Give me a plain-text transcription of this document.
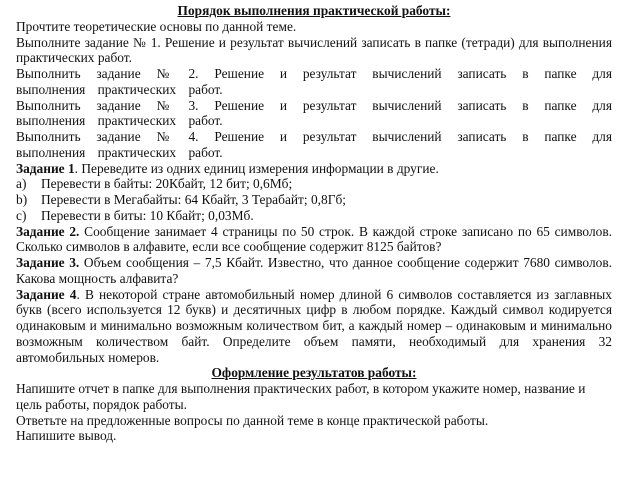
Порядок выполнения практической работы:

Прочтите теоретические основы по данной теме.

Выполните задание № 1. Решение и результат вычислений записать в папке (тетради) для выполнения практических работ.

Выполнить задание № 2. Решение и результат вычислений записать в папке для выполнения практических работ.

Выполнить задание № 3. Решение и результат вычислений записать в папке для выполнения практических работ.

Выполнить задание № 4. Решение и результат вычислений записать в папке для выполнения практических работ.

Задание 1. Переведите из одних единиц измерения информации в другие.

a)	Перевести в байты: 20Кбайт, 12 бит; 0,6Мб;
b)	Перевести в Мегабайты: 64 Кбайт, 3 Терабайт; 0,8Гб;
c)	Перевести в биты: 10 Кбайт; 0,03Мб.

Задание 2. Сообщение занимает 4 страницы по 50 строк. В каждой строке записано по 65 символов. Сколько символов в алфавите, если все сообщение содержит 8125 байтов?

Задание 3. Объем сообщения – 7,5 Кбайт. Известно, что данное сообщение содержит 7680 символов. Какова мощность алфавита?

Задание 4. В некоторой стране автомобильный номер длиной 6 символов составляется из заглавных букв (всего используется 12 букв) и десятичных цифр в любом порядке. Каждый символ кодируется одинаковым и минимально возможным количеством бит, а каждый номер – одинаковым и минимально возможным количеством байт. Определите объем памяти, необходимый для хранения 32 автомобильных номеров.

Оформление результатов работы:

Напишите отчет в папке для выполнения практических работ, в котором укажите номер, название и цель работы, порядок работы.

Ответьте на предложенные вопросы по данной теме в конце практической работы.

Напишите вывод.
